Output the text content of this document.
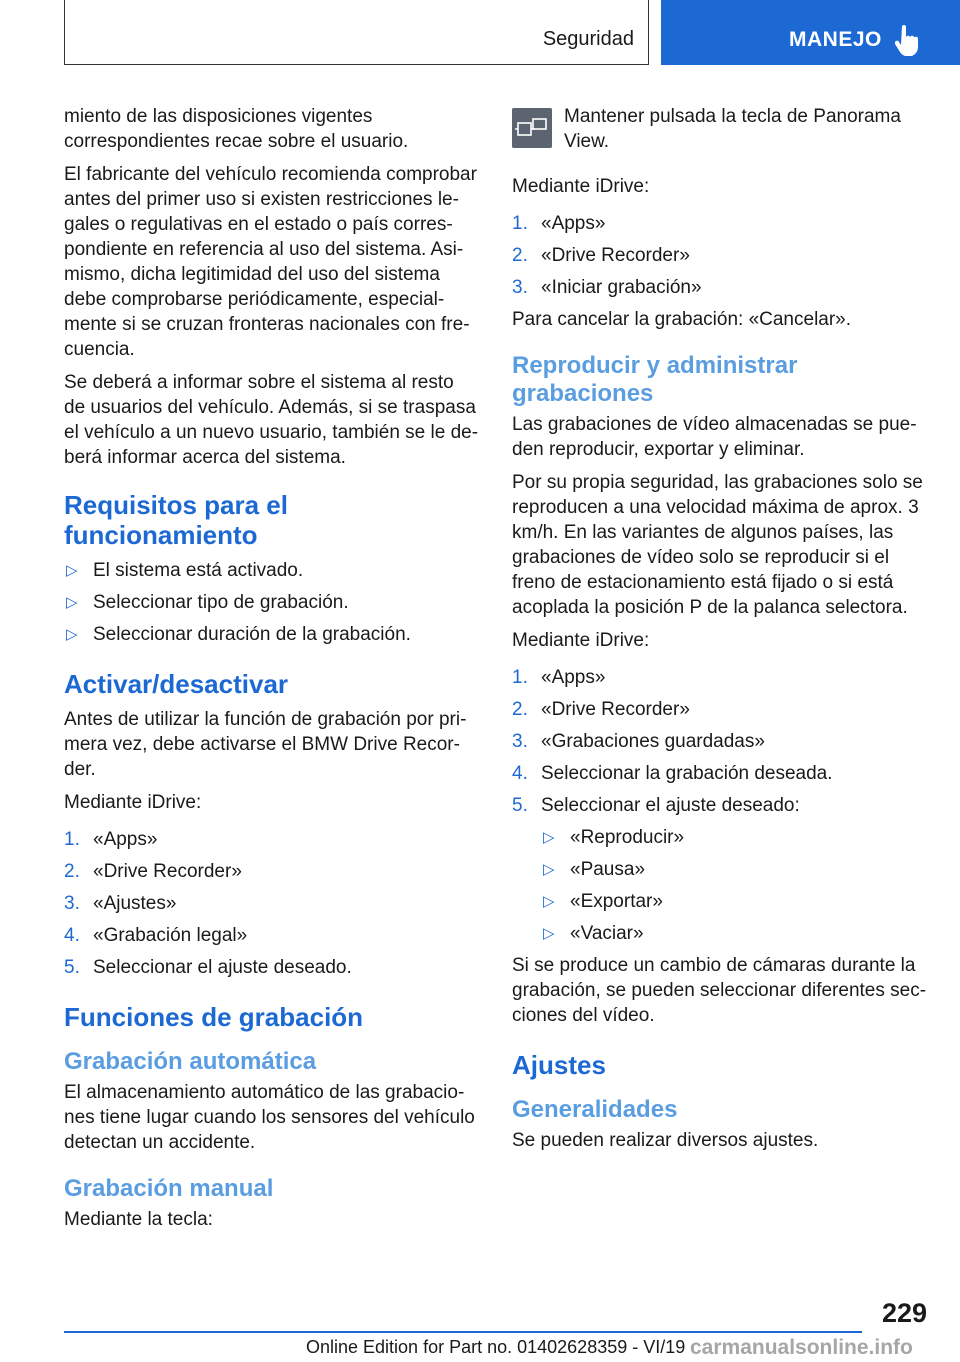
Seguridad	MANEJO

miento de las disposiciones vigentes correspondientes recae sobre el usuario.

El fabricante del vehículo recomienda comprobar antes del primer uso si existen restricciones legales o regulativas en el estado o país correspondiente en referencia al uso del sistema. Asimismo, dicha legitimidad del uso del sistema debe comprobarse periódicamente, especialmente si se cruzan fronteras nacionales con frecuencia.

Se deberá a informar sobre el sistema al resto de usuarios del vehículo. Además, si se traspasa el vehículo a un nuevo usuario, también se le deberá informar acerca del sistema.

Requisitos para el funcionamiento
▷ El sistema está activado.
▷ Seleccionar tipo de grabación.
▷ Seleccionar duración de la grabación.
Activar/desactivar

Antes de utilizar la función de grabación por primera vez, debe activarse el BMW Drive Recorder.

Mediante iDrive:

1. «Apps»
2. «Drive Recorder»
3. «Ajustes»
4. «Grabación legal»
5. Seleccionar el ajuste deseado.
Funciones de grabación
Grabación automática

El almacenamiento automático de las grabaciones tiene lugar cuando los sensores del vehículo detectan un accidente.

Grabación manual

Mediante la tecla:

Mantener pulsada la tecla de Panorama View.

Mediante iDrive:

1. «Apps»
2. «Drive Recorder»
3. «Iniciar grabación»

Para cancelar la grabación: «Cancelar».

Reproducir y administrar grabaciones

Las grabaciones de vídeo almacenadas se pueden reproducir, exportar y eliminar.

Por su propia seguridad, las grabaciones solo se reproducen a una velocidad máxima de aprox. 3 km/h. En las variantes de algunos países, las grabaciones de vídeo solo se reproducir si el freno de estacionamiento está fijado o si está acoplada la posición P de la palanca selectora.

Mediante iDrive:

1. «Apps»
2. «Drive Recorder»
3. «Grabaciones guardadas»
4. Seleccionar la grabación deseada.
5. Seleccionar el ajuste deseado:
▷ «Reproducir»
▷ «Pausa»
▷ «Exportar»
▷ «Vaciar»

Si se produce un cambio de cámaras durante la grabación, se pueden seleccionar diferentes secciones del vídeo.

Ajustes
Generalidades

Se pueden realizar diversos ajustes.

229
Online Edition for Part no. 01402628359 - VI/19 carmanualsonline.info
